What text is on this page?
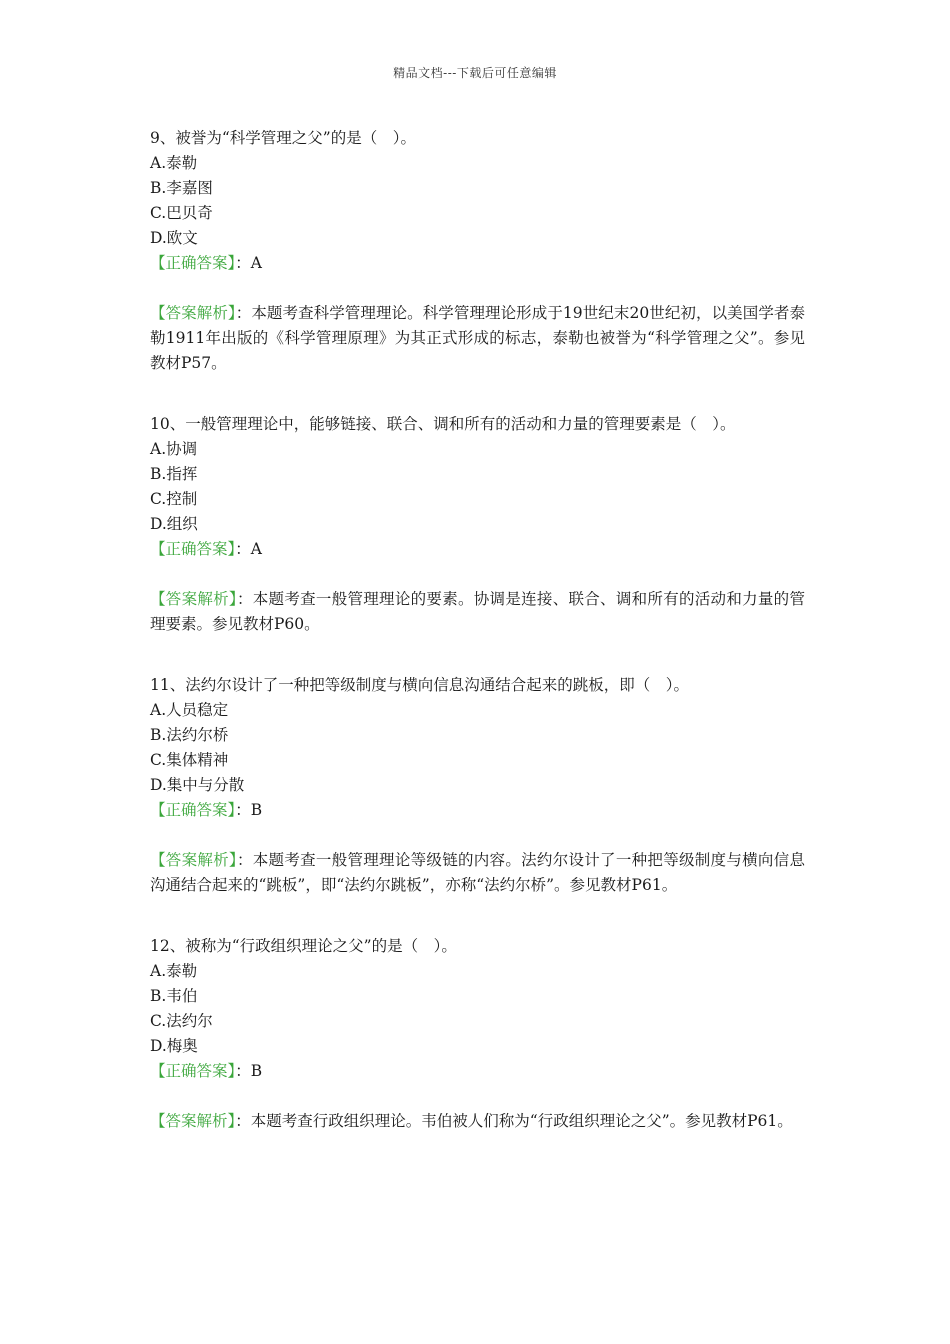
精品文档---下载后可任意编辑
9、被誉为“科学管理之父”的是（　）。
A.泰勒
B.李嘉图
C.巴贝奇
D.欧文
【正确答案】：A
【答案解析】：本题考查科学管理理论。科学管理理论形成于19世纪末20世纪初，以美国学者泰勒1911年出版的《科学管理原理》为其正式形成的标志，泰勒也被誉为“科学管理之父”。参见教材P57。
10、一般管理理论中，能够链接、联合、调和所有的活动和力量的管理要素是（　）。
A.协调
B.指挥
C.控制
D.组织
【正确答案】：A
【答案解析】：本题考查一般管理理论的要素。协调是连接、联合、调和所有的活动和力量的管理要素。参见教材P60。
11、法约尔设计了一种把等级制度与横向信息沟通结合起来的跳板，即（　）。
A.人员稳定
B.法约尔桥
C.集体精神
D.集中与分散
【正确答案】：B
【答案解析】：本题考查一般管理理论等级链的内容。法约尔设计了一种把等级制度与横向信息沟通结合起来的“跳板”，即“法约尔跳板”，亦称“法约尔桥”。参见教材P61。
12、被称为“行政组织理论之父”的是（　）。
A.泰勒
B.韦伯
C.法约尔
D.梅奥
【正确答案】：B
【答案解析】：本题考查行政组织理论。韦伯被人们称为“行政组织理论之父”。参见教材P61。
